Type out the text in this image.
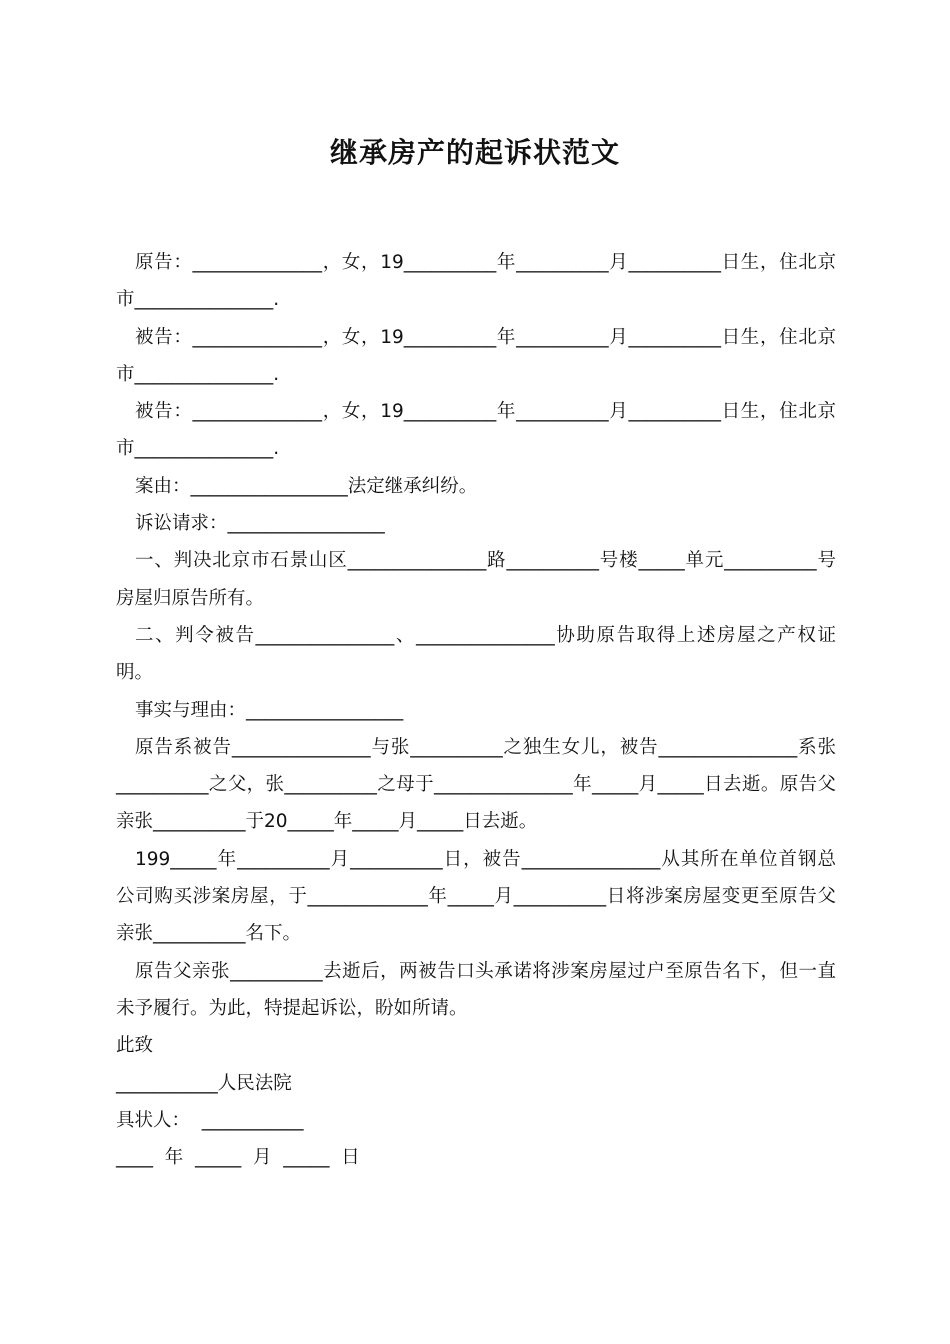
继承房产的起诉状范文

原告：______________，女，19__________年__________月__________日生，住北京市_______________.

被告：______________，女，19__________年__________月__________日生，住北京市_______________.

被告：______________，女，19__________年__________月__________日生，住北京市_______________.

案由：_________________法定继承纠纷。

诉讼请求：_________________

一、判决北京市石景山区_______________路__________号楼_____单元__________号房屋归原告所有。

二、判令被告_______________、_______________协助原告取得上述房屋之产权证明。

事实与理由：_________________

原告系被告_______________与张__________之独生女儿，被告_______________系张__________之父，张__________之母于_______________年_____月_____日去逝。原告父亲张__________于20_____年_____月_____日去逝。

199_____年__________月__________日，被告_______________从其所在单位首钢总公司购买涉案房屋，于_____________年_____月__________日将涉案房屋变更至原告父亲张__________名下。

原告父亲张__________去逝后，两被告口头承诺将涉案房屋过户至原告名下，但一直未予履行。为此，特提起诉讼，盼如所请。

此致

___________人民法院

具状人：  ___________

____  年  _____  月  _____  日
